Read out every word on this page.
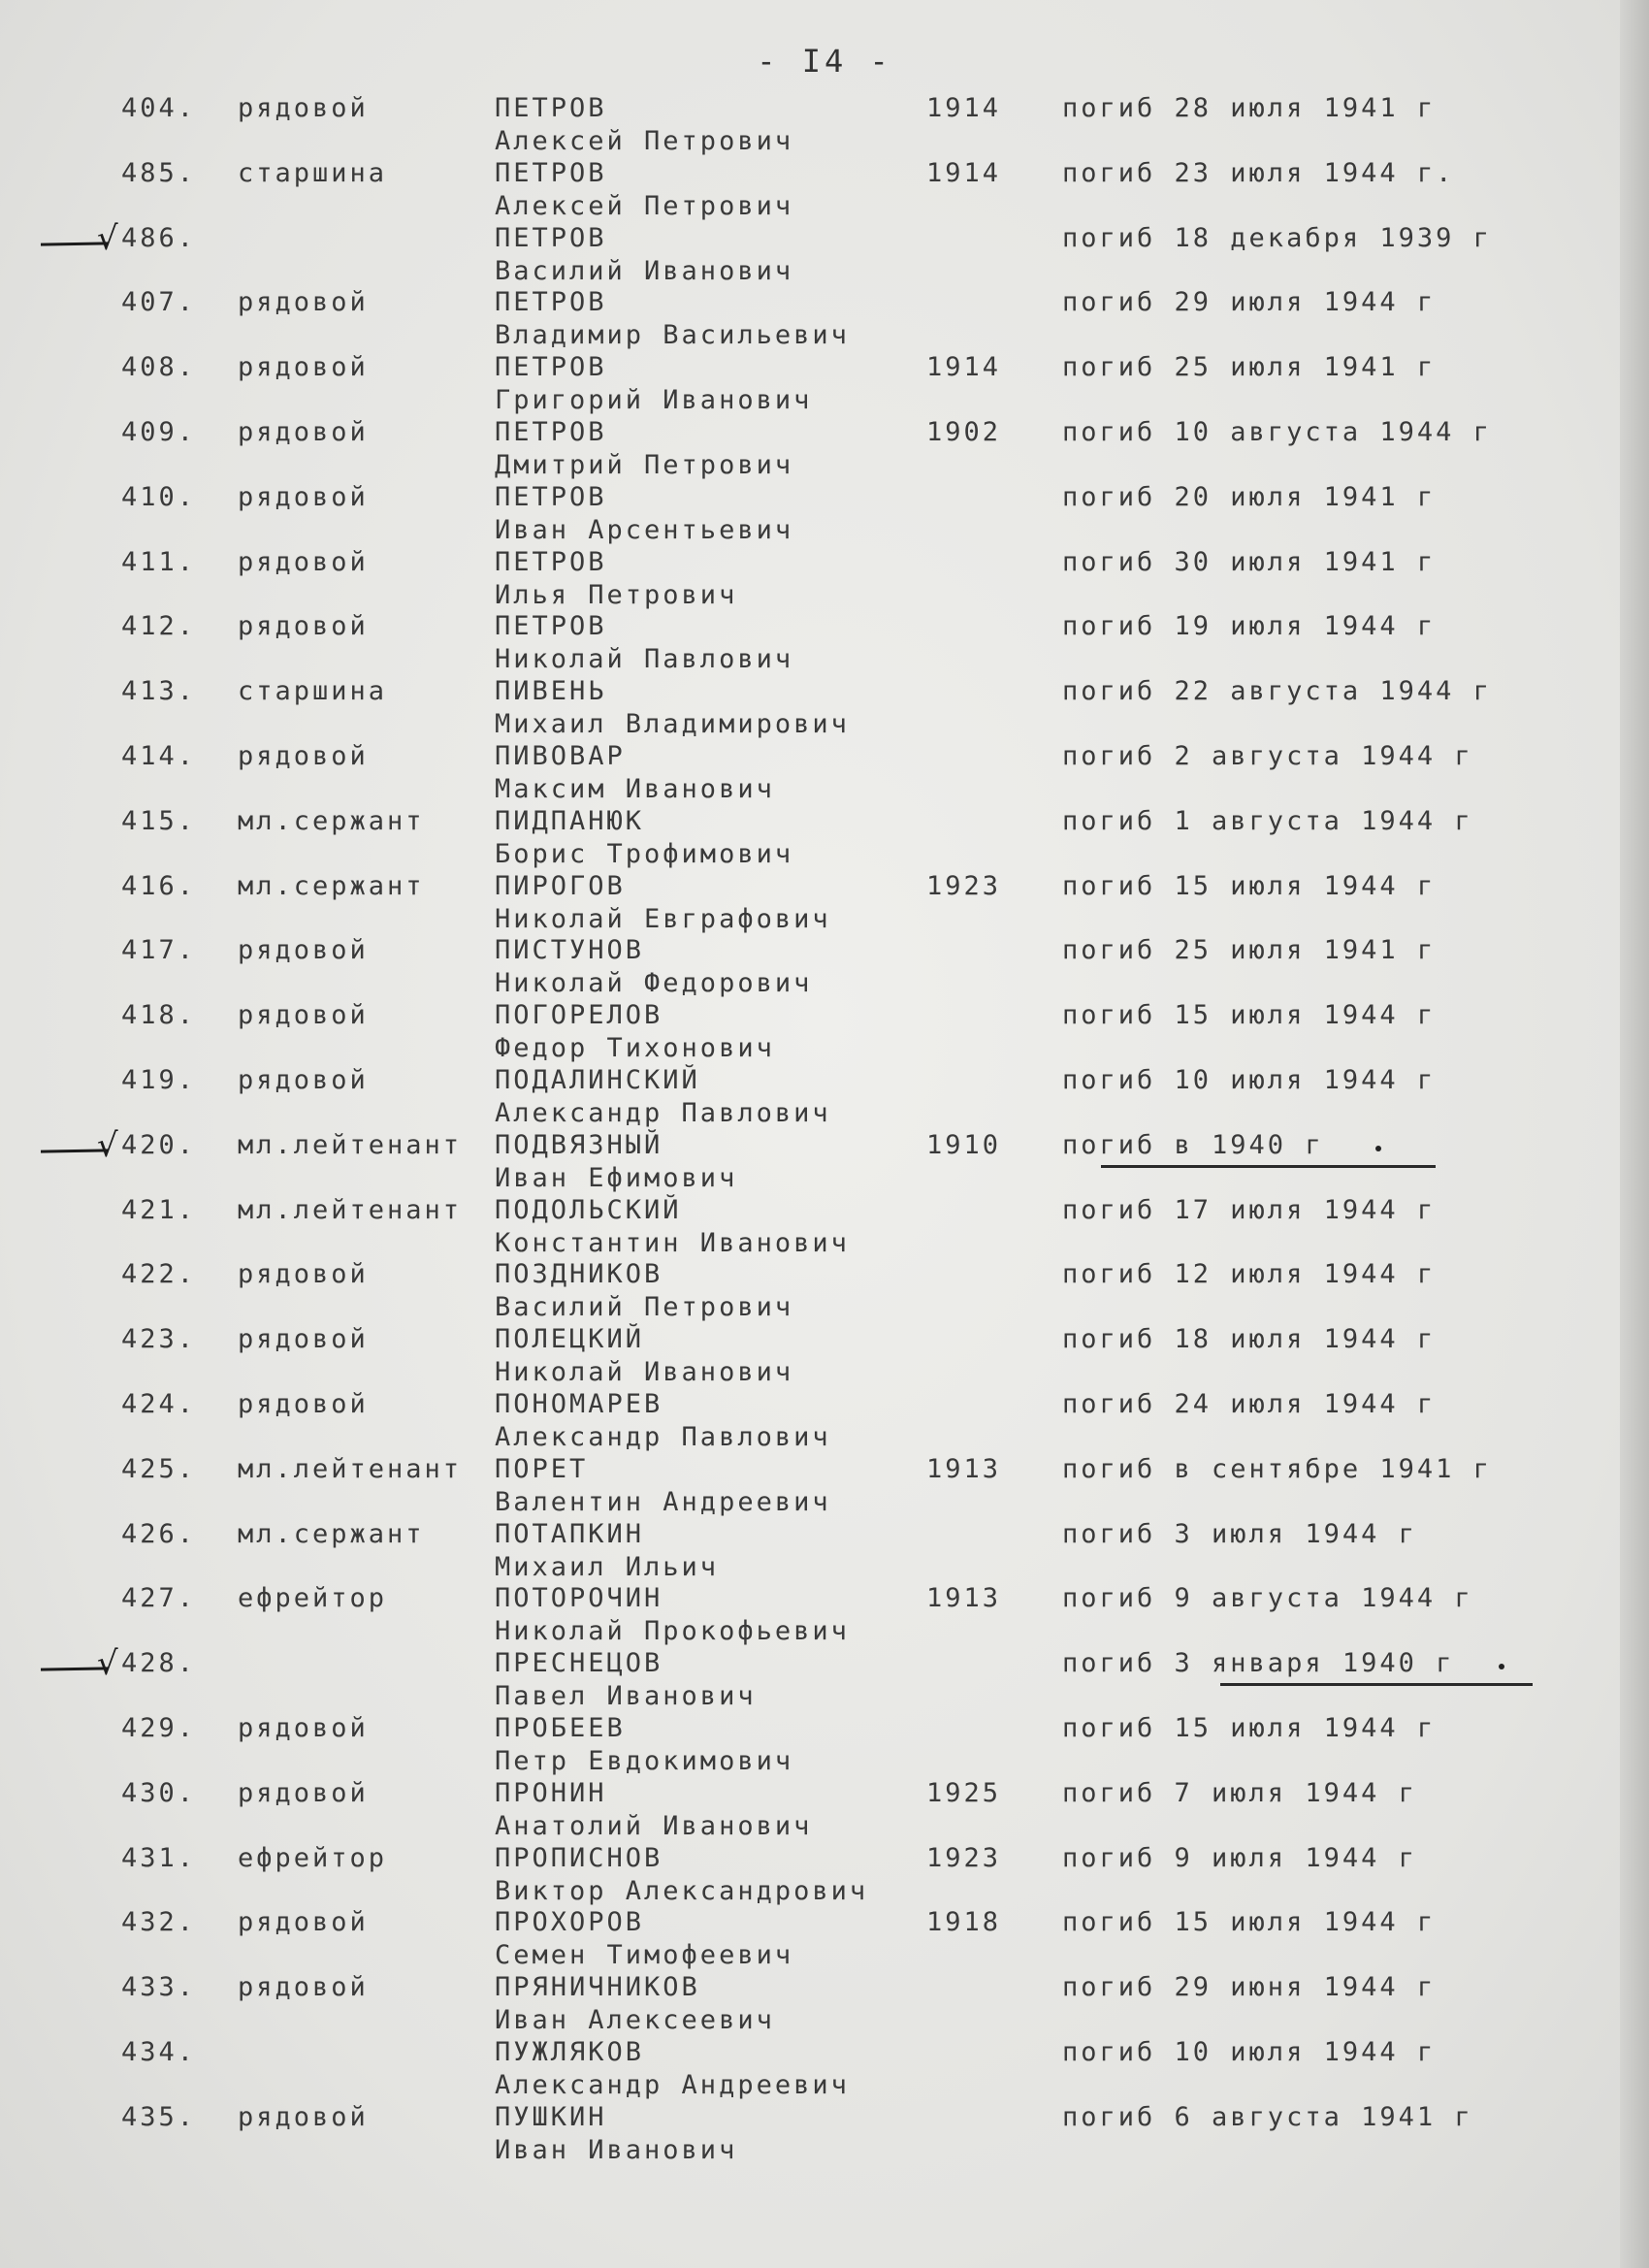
- I4 -
404. рядовой	ПЕТРОВ	1914 погиб 28 июля 1941 г
Алексей Петрович
485. старшина	ПЕТРОВ	1914 погиб 23 июля 1944 г.
Алексей Петрович
486.	ПЕТРОВ	погиб 18 декабря 1939 г
Василий Иванович
√
407. рядовой	ПЕТРОВ	погиб 29 июля 1944 г
Владимир Васильевич
408. рядовой	ПЕТРОВ	1914 погиб 25 июля 1941 г
Григорий Иванович
409. рядовой	ПЕТРОВ	1902 погиб 10 августа 1944 г
Дмитрий Петрович
410. рядовой	ПЕТРОВ	погиб 20 июля 1941 г
Иван Арсентьевич
411. рядовой	ПЕТРОВ	погиб 30 июля 1941 г
Илья Петрович
412. рядовой	ПЕТРОВ	погиб 19 июля 1944 г
Николай Павлович
413. старшина	ПИВЕНЬ	погиб 22 августа 1944 г
Михаил Владимирович
414. рядовой	ПИВОВАР	погиб 2 августа 1944 г
Максим Иванович
415. мл.сержант	ПИДПАНЮК	погиб 1 августа 1944 г
Борис Трофимович
416. мл.сержант	ПИРОГОВ	1923 погиб 15 июля 1944 г
Николай Евграфович
417. рядовой	ПИСТУНОВ	погиб 25 июля 1941 г
Николай Федорович
418. рядовой	ПОГОРЕЛОВ	погиб 15 июля 1944 г
Федор Тихонович
419. рядовой	ПОДАЛИНСКИЙ	погиб 10 июля 1944 г
Александр Павлович
420. мл.лейтенант ПОДВЯЗНЫЙ	1910 погиб в 1940 г
Иван Ефимович
√
421. мл.лейтенант ПОДОЛЬСКИЙ	погиб 17 июля 1944 г
Константин Иванович
422. рядовой	ПОЗДНИКОВ	погиб 12 июля 1944 г
Василий Петрович
423. рядовой	ПОЛЕЦКИЙ	погиб 18 июля 1944 г
Николай Иванович
424. рядовой	ПОНОМАРЕВ	погиб 24 июля 1944 г
Александр Павлович
425. мл.лейтенант ПОРЕТ	1913 погиб в сентябре 1941 г
Валентин Андреевич
426. мл.сержант	ПОТАПКИН	погиб 3 июля 1944 г
Михаил Ильич
427. ефрейтор	ПОТОРОЧИН	1913 погиб 9 августа 1944 г
Николай Прокофьевич
428.	ПРЕСНЕЦОВ	погиб 3 января 1940 г
Павел Иванович
√
429. рядовой	ПРОБЕЕВ	погиб 15 июля 1944 г
Петр Евдокимович
430. рядовой	ПРОНИН	1925 погиб 7 июля 1944 г
Анатолий Иванович
431. ефрейтор	ПРОПИСНОВ	1923 погиб 9 июля 1944 г
Виктор Александрович
432. рядовой	ПРОХОРОВ	1918 погиб 15 июля 1944 г
Семен Тимофеевич
433. рядовой	ПРЯНИЧНИКОВ	погиб 29 июня 1944 г
Иван Алексеевич
434.	ПУЖЛЯКОВ	погиб 10 июля 1944 г
Александр Андреевич
435. рядовой	ПУШКИН	погиб 6 августа 1941 г
Иван Иванович
